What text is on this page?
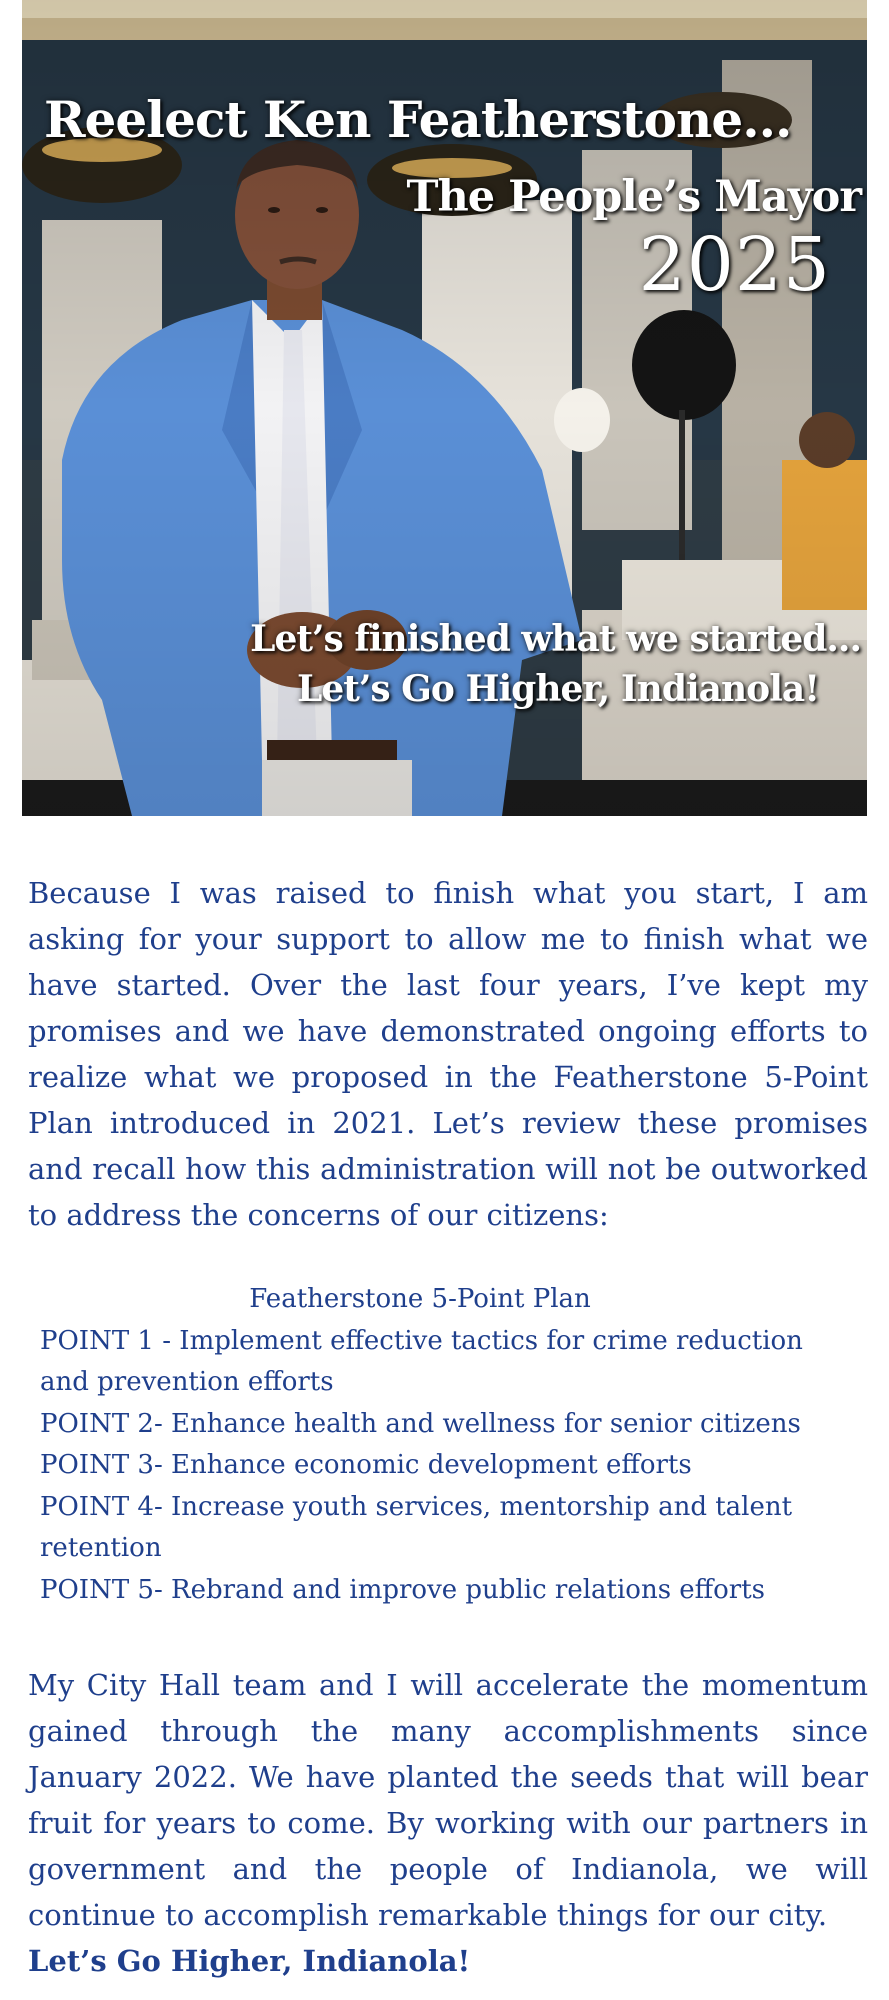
Reelect Ken Featherstone...
The People’s Mayor
2025
Let’s finished what we started...
Let’s Go Higher, Indianola!

Because I was raised to finish what you start, I am asking for your support to allow me to finish what we have started. Over the last four years, I’ve kept my promises and we have demonstrated ongoing efforts to realize what we proposed in the Featherstone 5-Point Plan introduced in 2021. Let’s review these promises and recall how this administration will not be outworked to address the concerns of our citizens:

Featherstone 5-Point Plan
POINT 1 - Implement effective tactics for crime reduction and prevention efforts
POINT 2- Enhance health and wellness for senior citizens
POINT 3- Enhance economic development efforts
POINT 4- Increase youth services, mentorship and talent retention
POINT 5- Rebrand and improve public relations efforts

My City Hall team and I will accelerate the momentum gained through the many accomplishments since January 2022. We have planted the seeds that will bear fruit for years to come. By working with our partners in government and the people of Indianola, we will continue to accomplish remarkable things for our city.
Let’s Go Higher, Indianola!
